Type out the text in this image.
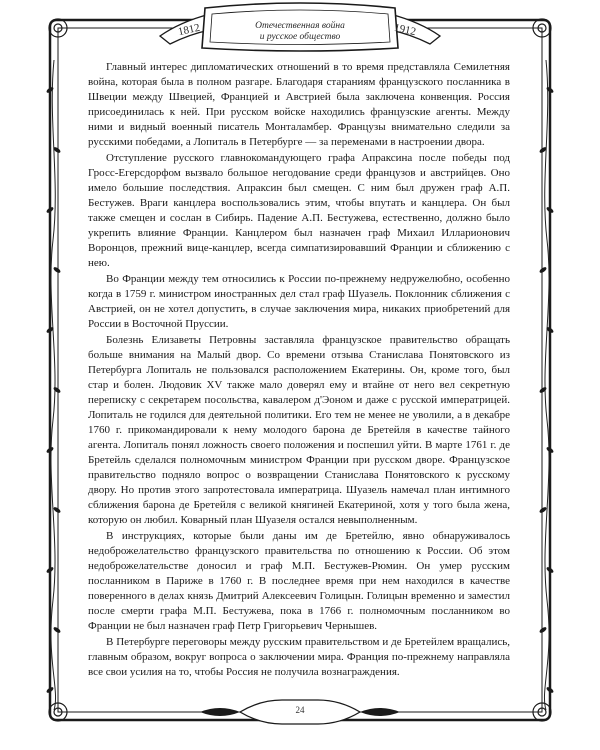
Отечественная война
и русское общество
1812	1912

Главный интерес дипломатических отношений в то время представляла Семилетняя война, которая была в полном разгаре. Благодаря стараниям французского посланника в Швеции между Швецией, Францией и Австрией была заключена конвенция. Россия присоединилась к ней. При русском войске находились французские агенты. Между ними и видный военный писатель Монталамбер. Французы внимательно следили за русскими победами, а Лопиталь в Петербурге — за переменами в настроении двора.

Отступление русского главнокомандующего графа Апраксина после победы под Гросс-Егерсдорфом вызвало большое негодование среди французов и австрийцев. Оно имело большие последствия. Апраксин был смещен. С ним был дружен граф А.П. Бестужев. Враги канцлера воспользовались этим, чтобы впутать и канцлера. Он был также смещен и сослан в Сибирь. Падение А.П. Бестужева, естественно, должно было укрепить влияние Франции. Канцлером был назначен граф Михаил Илларионович Воронцов, прежний вице-канцлер, всегда симпатизировавший Франции и сближению с нею.

Во Франции между тем относились к России по-прежнему недружелюбно, особенно когда в 1759 г. министром иностранных дел стал граф Шуазель. Поклонник сближения с Австрией, он не хотел допустить, в случае заключения мира, никаких приобретений для России в Восточной Пруссии.

Болезнь Елизаветы Петровны заставляла французское правительство обращать больше внимания на Малый двор. Со времени отзыва Станислава Понятовского из Петербурга Лопиталь не пользовался расположением Екатерины. Он, кроме того, был стар и болен. Людовик XV также мало доверял ему и втайне от него вел секретную переписку с секретарем посольства, кавалером д'Эоном и даже с русской императрицей. Лопиталь не годился для деятельной политики. Его тем не менее не уволили, а в декабре 1760 г. прикомандировали к нему молодого барона де Бретейля в качестве тайного агента. Лопиталь понял ложность своего положения и поспешил уйти. В марте 1761 г. де Бретейль сделался полномочным министром Франции при русском дворе. Французское правительство подняло вопрос о возвращении Станислава Понятовского к русскому двору. Но против этого запротестовала императрица. Шуазель намечал план интимного сближения барона де Бретейля с великой княгиней Екатериной, хотя у того была жена, которую он любил. Коварный план Шуазеля остался невыполненным.

В инструкциях, которые были даны им де Бретейлю, явно обнаруживалось недоброжелательство французского правительства по отношению к России. Об этом недоброжелательстве доносил и граф М.П. Бестужев-Рюмин. Он умер русским посланником в Париже в 1760 г. В последнее время при нем находился в качестве поверенного в делах князь Дмитрий Алексеевич Голицын. Голицын временно и заместил после смерти графа М.П. Бестужева, пока в 1766 г. полномочным посланником во Франции не был назначен граф Петр Григорьевич Чернышев.

В Петербурге переговоры между русским правительством и де Бретейлем вращались, главным образом, вокруг вопроса о заключении мира. Франция по-прежнему направляла все свои усилия на то, чтобы Россия не получила вознаграждения.

24
